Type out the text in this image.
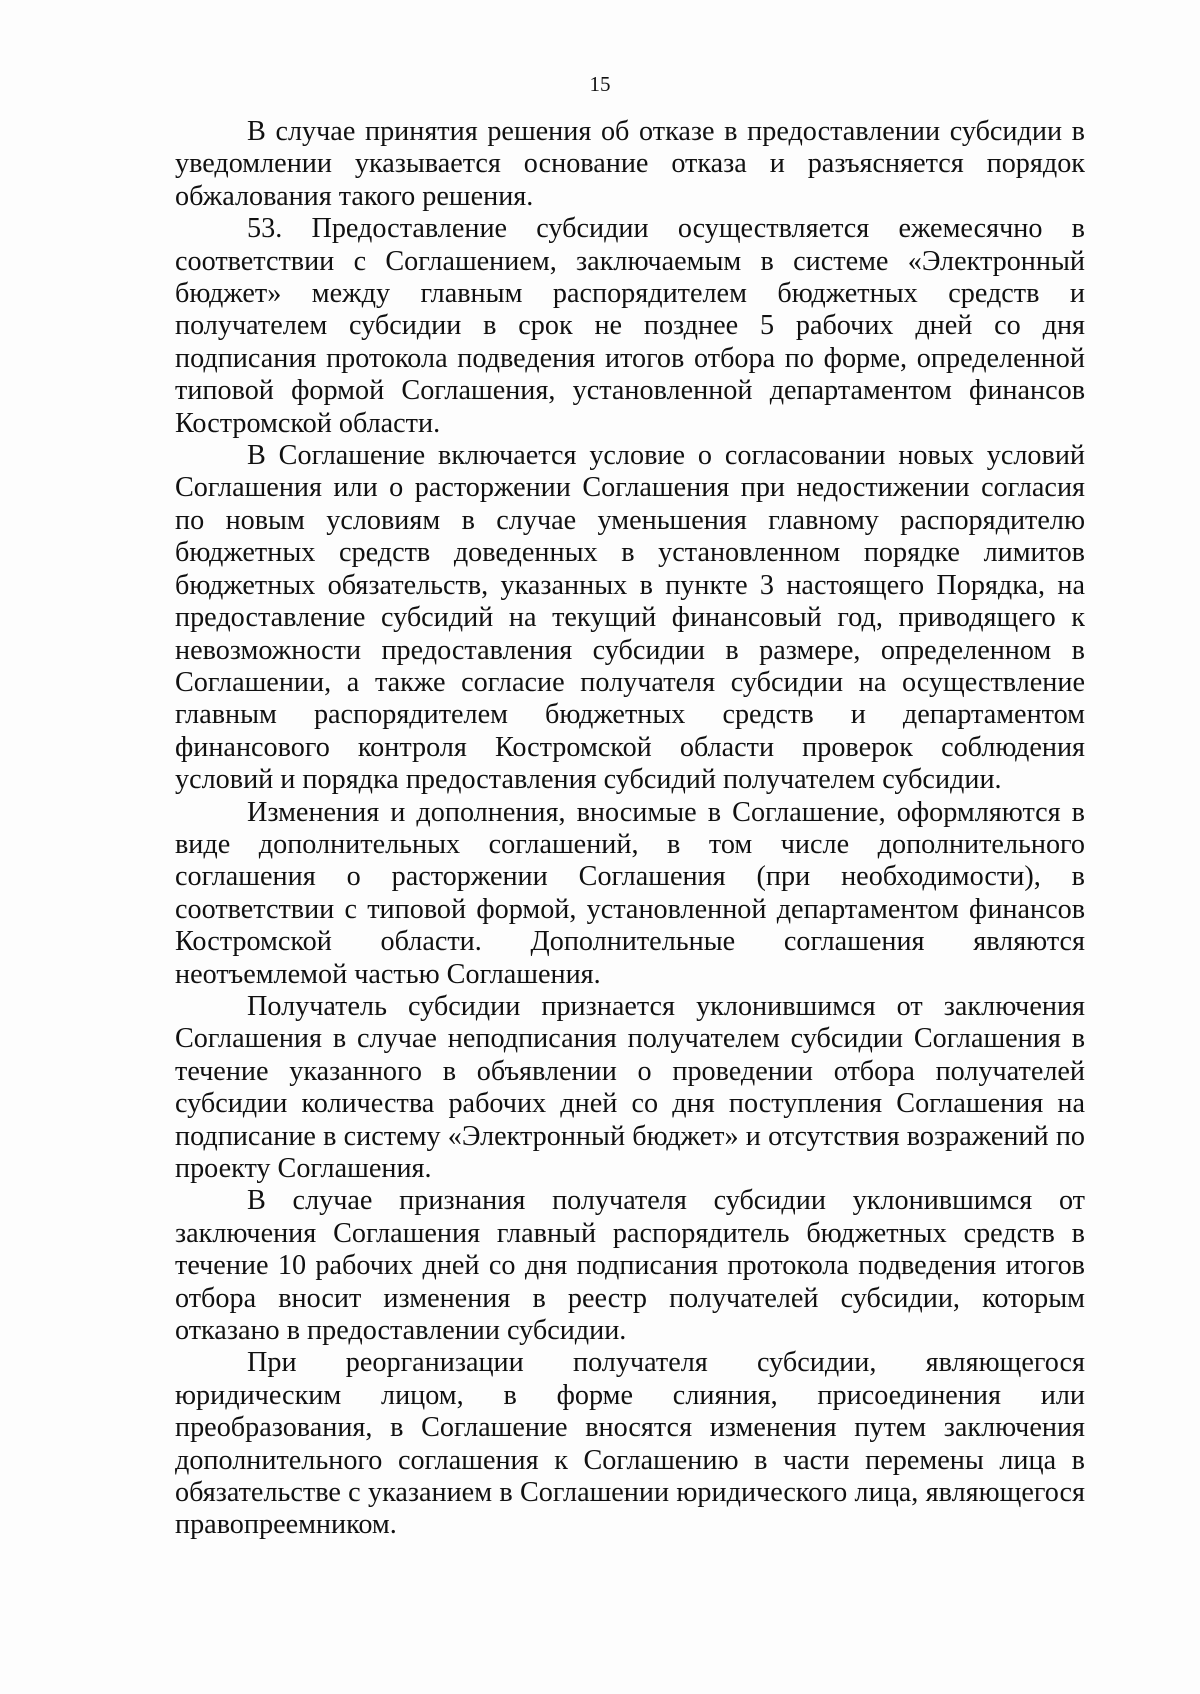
15

В случае принятия решения об отказе в предоставлении субсидии в уведомлении указывается основание отказа и разъясняется порядок обжалования такого решения.

53. Предоставление субсидии осуществляется ежемесячно в соответствии с Соглашением, заключаемым в системе «Электронный бюджет» между главным распорядителем бюджетных средств и получателем субсидии в срок не позднее 5 рабочих дней со дня подписания протокола подведения итогов отбора по форме, определенной типовой формой Соглашения, установленной департаментом финансов Костромской области.

В Соглашение включается условие о согласовании новых условий Соглашения или о расторжении Соглашения при недостижении согласия по новым условиям в случае уменьшения главному распорядителю бюджетных средств доведенных в установленном порядке лимитов бюджетных обязательств, указанных в пункте 3 настоящего Порядка, на предоставление субсидий на текущий финансовый год, приводящего к невозможности предоставления субсидии в размере, определенном в Соглашении, а также согласие получателя субсидии на осуществление главным распорядителем бюджетных средств и департаментом финансового контроля Костромской области проверок соблюдения условий и порядка предоставления субсидий получателем субсидии.

Изменения и дополнения, вносимые в Соглашение, оформляются в виде дополнительных соглашений, в том числе дополнительного соглашения о расторжении Соглашения (при необходимости), в соответствии с типовой формой, установленной департаментом финансов Костромской области. Дополнительные соглашения являются неотъемлемой частью Соглашения.

Получатель субсидии признается уклонившимся от заключения Соглашения в случае неподписания получателем субсидии Соглашения в течение указанного в объявлении о проведении отбора получателей субсидии количества рабочих дней со дня поступления Соглашения на подписание в систему «Электронный бюджет» и отсутствия возражений по проекту Соглашения.

В случае признания получателя субсидии уклонившимся от заключения Соглашения главный распорядитель бюджетных средств в течение 10 рабочих дней со дня подписания протокола подведения итогов отбора вносит изменения в реестр получателей субсидии, которым отказано в предоставлении субсидии.

При реорганизации получателя субсидии, являющегося юридическим лицом, в форме слияния, присоединения или преобразования, в Соглашение вносятся изменения путем заключения дополнительного соглашения к Соглашению в части перемены лица в обязательстве с указанием в Соглашении юридического лица, являющегося правопреемником.
